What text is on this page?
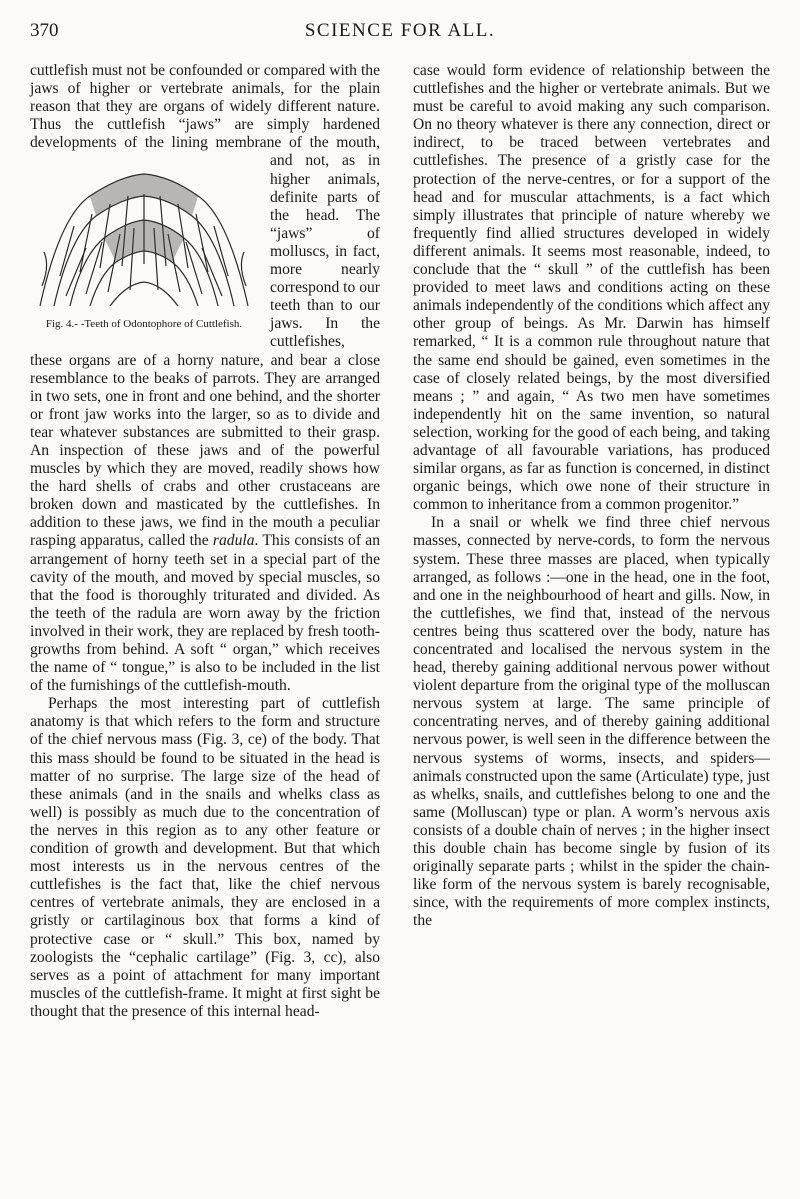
370	SCIENCE FOR ALL.

cuttlefish must not be confounded or compared with the jaws of higher or vertebrate animals, for the plain reason that they are organs of widely different nature. Thus the cuttlefish “jaws” are simply hardened developments of the lining membrane of
Fig. 4.- -Teeth of Odontophore of Cuttlefish.
the mouth, and not, as in higher animals, definite parts of the head. The “jaws” of molluscs, in fact, more nearly correspond to our teeth than to our jaws. In the cuttlefishes, these organs are of a horny nature, and bear a close resemblance to the beaks of parrots. They are arranged in two sets, one in front and one behind, and the shorter or front jaw works into the larger, so as to divide and tear whatever substances are submitted to their grasp. An inspection of these jaws and of the powerful muscles by which they are moved, readily shows how the hard shells of crabs and other crustaceans are broken down and masticated by the cuttlefishes. In addition to these jaws, we find in the mouth a peculiar rasping apparatus, called the radula. This consists of an arrangement of horny teeth set in a special part of the cavity of the mouth, and moved by special muscles, so that the food is thoroughly triturated and divided. As the teeth of the radula are worn away by the friction involved in their work, they are replaced by fresh tooth-growths from behind. A soft “ organ,” which receives the name of “ tongue,” is also to be included in the list of the furnishings of the cuttlefish-mouth.

Perhaps the most interesting part of cuttlefish anatomy is that which refers to the form and structure of the chief nervous mass (Fig. 3, ce) of the body. That this mass should be found to be situated in the head is matter of no surprise. The large size of the head of these animals (and in the snails and whelks class as well) is possibly as much due to the concentration of the nerves in this region as to any other feature or condition of growth and development. But that which most interests us in the nervous centres of the cuttlefishes is the fact that, like the chief nervous centres of vertebrate animals, they are enclosed in a gristly or cartilaginous box that forms a kind of protective case or “ skull.” This box, named by zoologists the “cephalic cartilage” (Fig. 3, cc), also serves as a point of attachment for many important muscles of the cuttlefish-frame. It might at first sight be thought that the presence of this internal head-

case would form evidence of relationship between the cuttlefishes and the higher or vertebrate animals. But we must be careful to avoid making any such comparison. On no theory whatever is there any connection, direct or indirect, to be traced between vertebrates and cuttlefishes. The presence of a gristly case for the protection of the nerve-centres, or for a support of the head and for muscular attachments, is a fact which simply illustrates that principle of nature whereby we frequently find allied structures developed in widely different animals. It seems most reasonable, indeed, to conclude that the “ skull ” of the cuttlefish has been provided to meet laws and conditions acting on these animals independently of the conditions which affect any other group of beings. As Mr. Darwin has himself remarked, “ It is a common rule throughout nature that the same end should be gained, even sometimes in the case of closely related beings, by the most diversified means ; ” and again, “ As two men have sometimes independently hit on the same invention, so natural selection, working for the good of each being, and taking advantage of all favourable variations, has produced similar organs, as far as function is concerned, in distinct organic beings, which owe none of their structure in common to inheritance from a common progenitor.”

In a snail or whelk we find three chief nervous masses, connected by nerve-cords, to form the nervous system. These three masses are placed, when typically arranged, as follows :—one in the head, one in the foot, and one in the neighbourhood of heart and gills. Now, in the cuttlefishes, we find that, instead of the nervous centres being thus scattered over the body, nature has concentrated and localised the nervous system in the head, thereby gaining additional nervous power without violent departure from the original type of the molluscan nervous system at large. The same principle of concentrating nerves, and of thereby gaining additional nervous power, is well seen in the difference between the nervous systems of worms, insects, and spiders—animals constructed upon the same (Articulate) type, just as whelks, snails, and cuttlefishes belong to one and the same (Molluscan) type or plan. A worm’s nervous axis consists of a double chain of nerves ; in the higher insect this double chain has become single by fusion of its originally separate parts ; whilst in the spider the chain-like form of the nervous system is barely recognisable, since, with the requirements of more complex instincts, the
